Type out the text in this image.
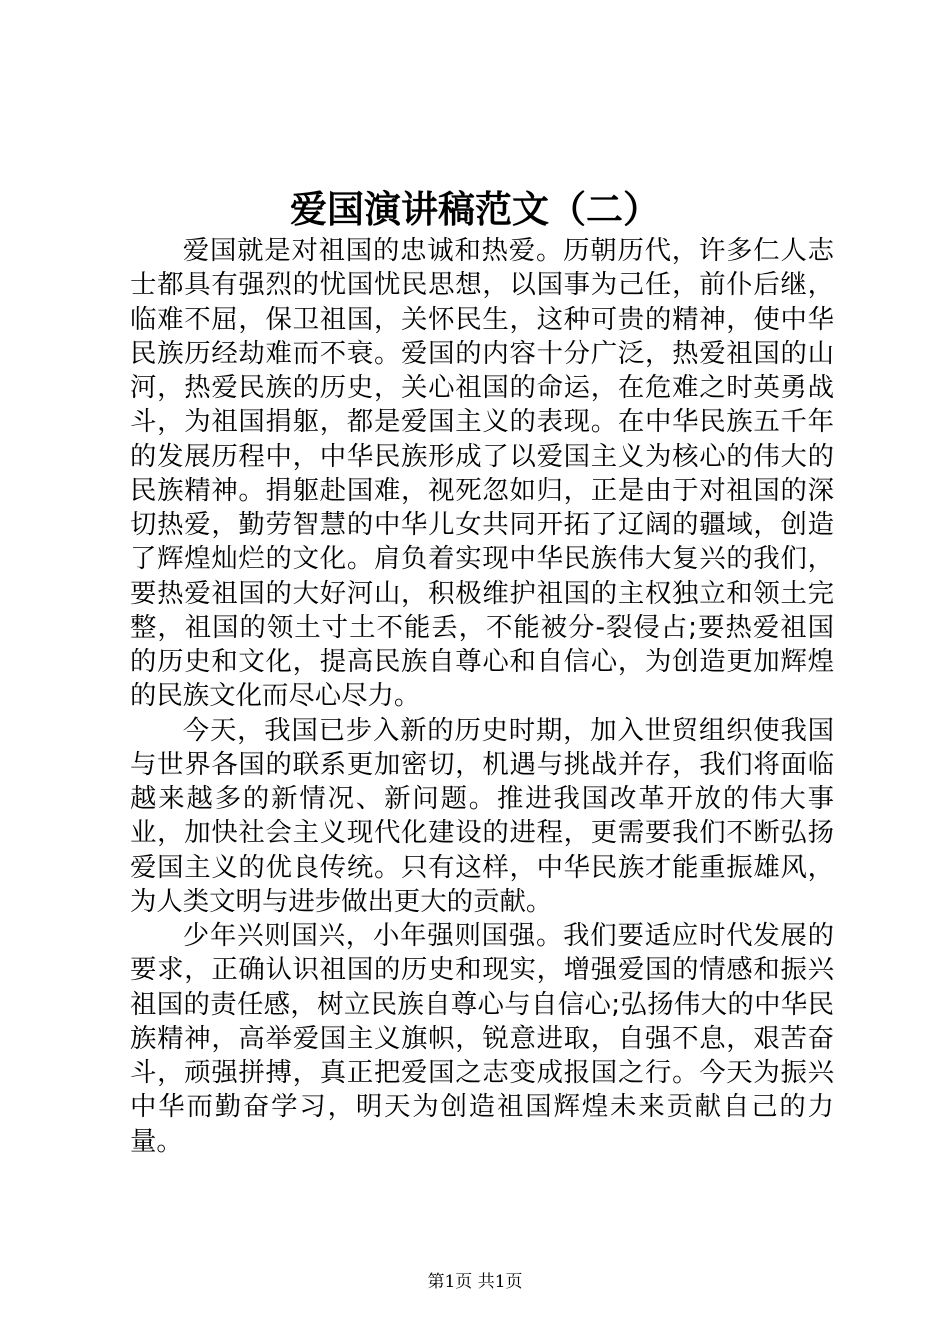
爱国演讲稿范文（二）

爱国就是对祖国的忠诚和热爱。历朝历代，许多仁人志士都具有强烈的忧国忧民思想，以国事为己任，前仆后继，临难不屈，保卫祖国，关怀民生，这种可贵的精神，使中华民族历经劫难而不衰。爱国的内容十分广泛，热爱祖国的山河，热爱民族的历史，关心祖国的命运，在危难之时英勇战斗，为祖国捐躯，都是爱国主义的表现。在中华民族五千年的发展历程中，中华民族形成了以爱国主义为核心的伟大的民族精神。捐躯赴国难，视死忽如归，正是由于对祖国的深切热爱，勤劳智慧的中华儿女共同开拓了辽阔的疆域，创造了辉煌灿烂的文化。肩负着实现中华民族伟大复兴的我们，要热爱祖国的大好河山，积极维护祖国的主权独立和领土完整，祖国的领土寸土不能丢，不能被分-裂侵占;要热爱祖国的历史和文化，提高民族自尊心和自信心，为创造更加辉煌的民族文化而尽心尽力。

今天，我国已步入新的历史时期，加入世贸组织使我国与世界各国的联系更加密切，机遇与挑战并存，我们将面临越来越多的新情况、新问题。推进我国改革开放的伟大事业，加快社会主义现代化建设的进程，更需要我们不断弘扬爱国主义的优良传统。只有这样，中华民族才能重振雄风，为人类文明与进步做出更大的贡献。

少年兴则国兴，小年强则国强。我们要适应时代发展的要求，正确认识祖国的历史和现实，增强爱国的情感和振兴祖国的责任感，树立民族自尊心与自信心;弘扬伟大的中华民族精神，高举爱国主义旗帜，锐意进取，自强不息，艰苦奋斗，顽强拼搏，真正把爱国之志变成报国之行。今天为振兴中华而勤奋学习，明天为创造祖国辉煌未来贡献自己的力量。

第1页 共1页
